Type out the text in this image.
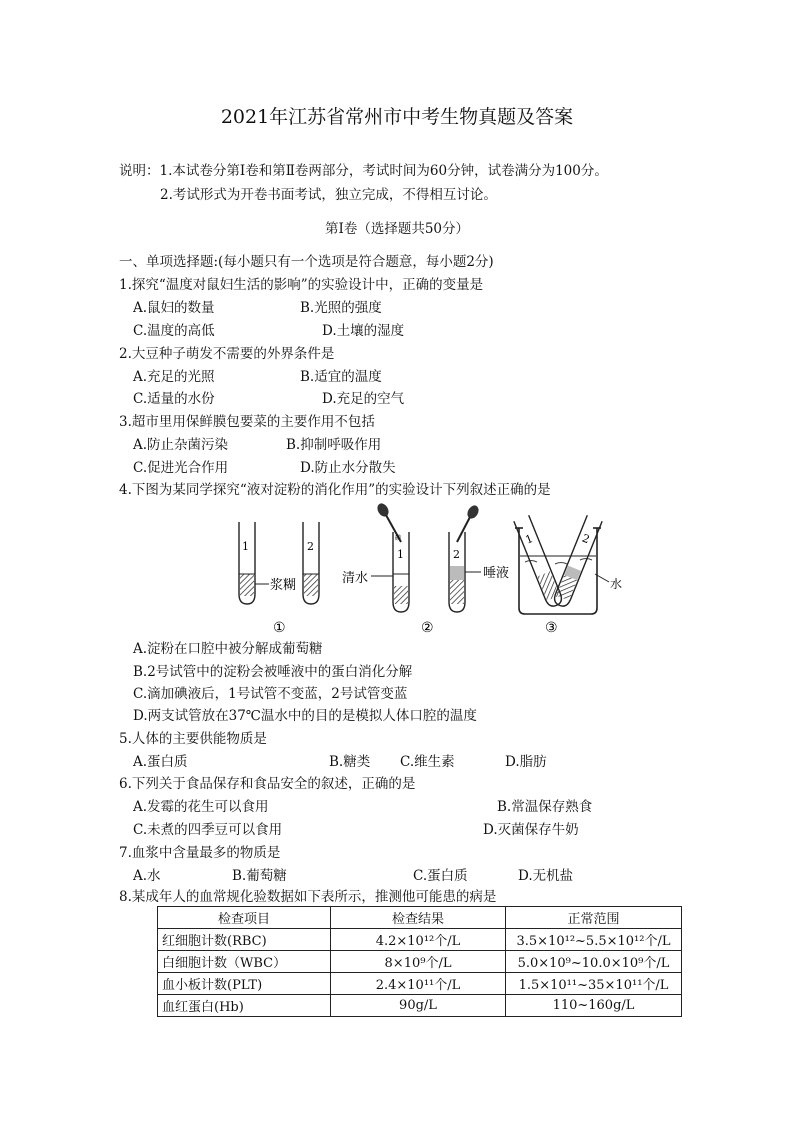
2021年江苏省常州市中考生物真题及答案
说明：1.本试卷分第Ⅰ卷和第Ⅱ卷两部分，考试时间为60分钟，试卷满分为100分。
2.考试形式为开卷书面考试，独立完成，不得相互讨论。
第Ⅰ卷（选择题共50分）
一、单项选择题:(每小题只有一个选项是符合题意，每小题2分)
1.探究“温度对鼠妇生活的影响”的实验设计中，正确的变量是
A.鼠妇的数量	B.光照的强度
C.温度的高低	D.土壤的湿度
2.大豆种子萌发不需要的外界条件是
A.充足的光照	B.适宜的温度
C.适量的水份	D.充足的空气
3.超市里用保鲜膜包要菜的主要作用不包括
A.防止杂菌污染	B.抑制呼吸作用
C.促进光合作用	D.防止水分散失
4.下图为某同学探究“液对淀粉的消化作用”的实验设计下列叙述正确的是
1	2
浆糊
①
清水
1
碘
2
唾液
②
1	2
水
③
A.淀粉在口腔中被分解成葡萄糖
B.2号试管中的淀粉会被唾液中的蛋白消化分解
C.滴加碘液后，1号试管不变蓝，2号试管变蓝
D.两支试管放在37℃温水中的目的是模拟人体口腔的温度
5.人体的主要供能物质是
A.蛋白质	B.糖类 C.维生素	D.脂肪
6.下列关于食品保存和食品安全的叙述，正确的是
A.发霉的花生可以食用	B.常温保存熟食
C.未煮的四季豆可以食用	D.灭菌保存牛奶
7.血浆中含量最多的物质是
A.水	B.葡萄糖	C.蛋白质	D.无机盐
8.某成年人的血常规化验数据如下表所示，推测他可能患的病是
检查项目	检查结果	正常范围
红细胞计数(RBC)	4.2×10¹²个/L	3.5×10¹²~5.5×10¹²个/L
白细胞计数（WBC）	8×10⁹个/L	5.0×10⁹~10.0×10⁹个/L
血小板计数(PLT)	2.4×10¹¹个/L	1.5×10¹¹~35×10¹¹个/L
血红蛋白(Hb)	90g/L	110~160g/L
